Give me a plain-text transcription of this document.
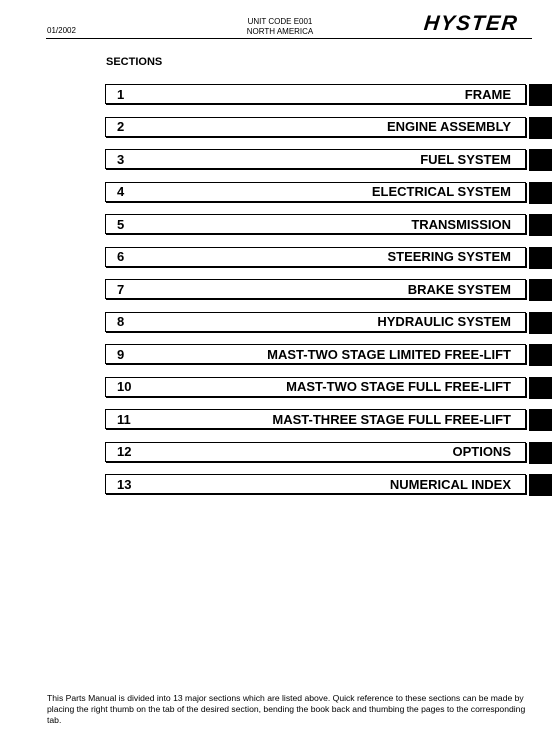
01/2002
UNIT CODE E001
NORTH AMERICA	HYSTER
SECTIONS
1	FRAME
2	ENGINE ASSEMBLY
3	FUEL SYSTEM
4	ELECTRICAL SYSTEM
5	TRANSMISSION
6	STEERING SYSTEM
7	BRAKE SYSTEM
8	HYDRAULIC SYSTEM
9	MAST-TWO STAGE LIMITED FREE-LIFT
10	MAST-TWO STAGE FULL FREE-LIFT
11	MAST-THREE STAGE FULL FREE-LIFT
12	OPTIONS
13	NUMERICAL INDEX
This Parts Manual is divided into 13 major sections which are listed above. Quick reference to these sections can be made by placing the right thumb on the tab of the desired section, bending the book back and thumbing the pages to the corresponding tab.
